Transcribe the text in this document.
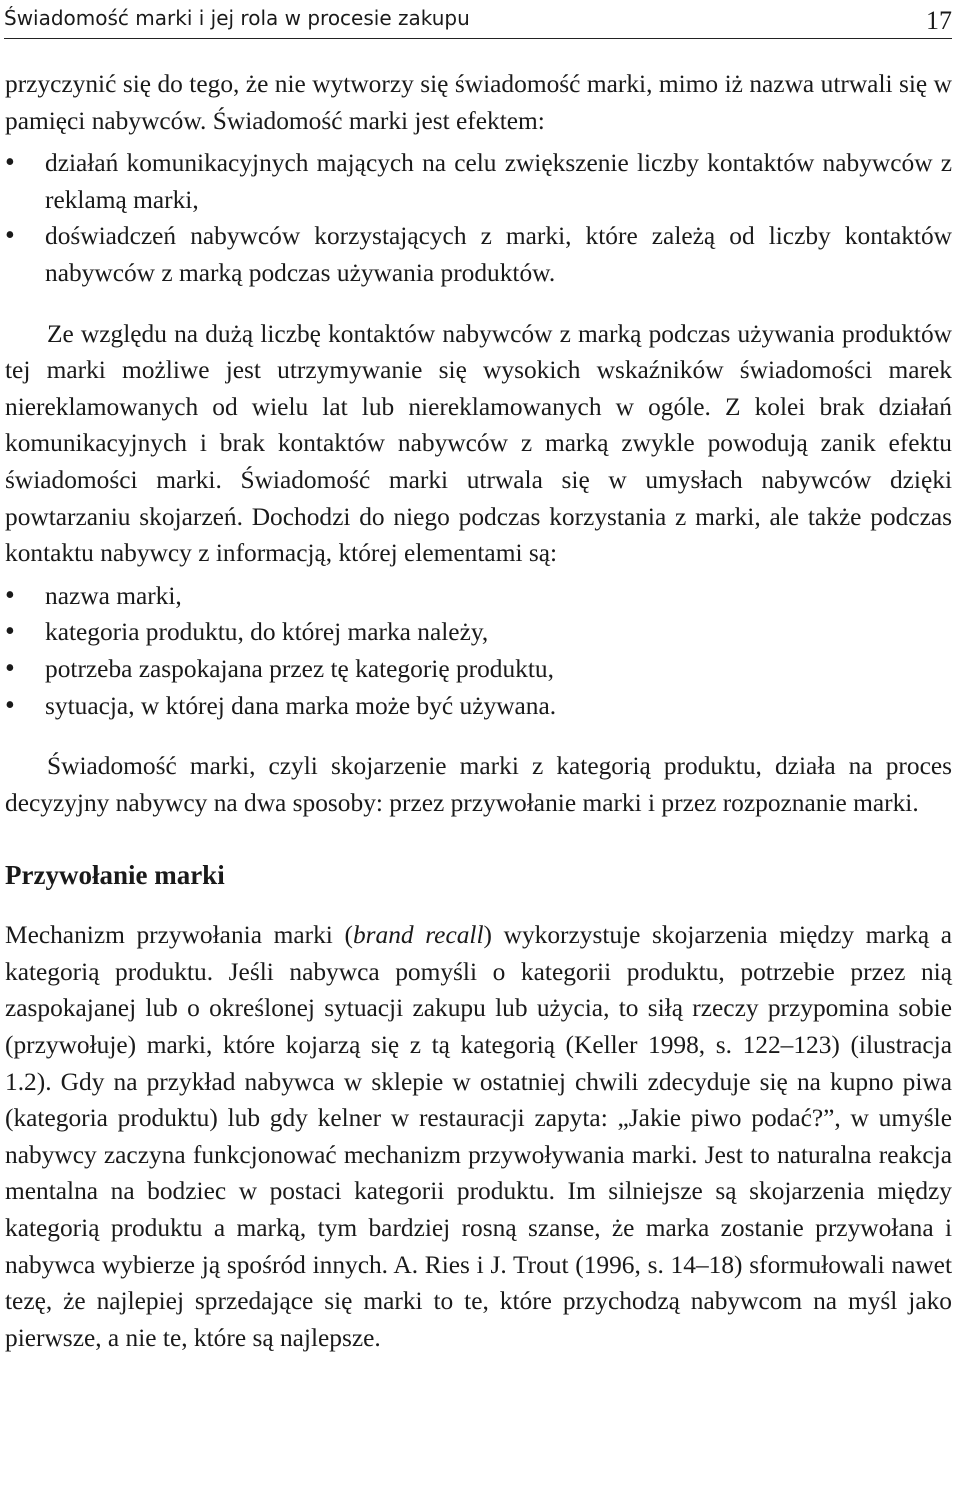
Świadomość marki i jej rola w procesie zakupu	17

przyczynić się do tego, że nie wytworzy się świadomość marki, mimo iż nazwa utrwali się w pamięci nabywców. Świadomość marki jest efektem:

• działań komunikacyjnych mających na celu zwiększenie liczby kontaktów nabywców z reklamą marki,
• doświadczeń nabywców korzystających z marki, które zależą od liczby kontaktów nabywców z marką podczas używania produktów.

Ze względu na dużą liczbę kontaktów nabywców z marką podczas używania produktów tej marki możliwe jest utrzymywanie się wysokich wskaźników świadomości marek niereklamowanych od wielu lat lub niereklamowanych w ogóle. Z kolei brak działań komunikacyjnych i brak kontaktów nabywców z marką zwykle powodują zanik efektu świadomości marki. Świadomość marki utrwala się w umysłach nabywców dzięki powtarzaniu skojarzeń. Dochodzi do niego podczas korzystania z marki, ale także podczas kontaktu nabywcy z informacją, której elementami są:

• nazwa marki,
• kategoria produktu, do której marka należy,
• potrzeba zaspokajana przez tę kategorię produktu,
• sytuacja, w której dana marka może być używana.

Świadomość marki, czyli skojarzenie marki z kategorią produktu, działa na proces decyzyjny nabywcy na dwa sposoby: przez przywołanie marki i przez rozpoznanie marki.

Przywołanie marki

Mechanizm przywołania marki (brand recall) wykorzystuje skojarzenia między marką a kategorią produktu. Jeśli nabywca pomyśli o kategorii produktu, potrzebie przez nią zaspokajanej lub o określonej sytuacji zakupu lub użycia, to siłą rzeczy przypomina sobie (przywołuje) marki, które kojarzą się z tą kategorią (Keller 1998, s. 122–123) (ilustracja 1.2). Gdy na przykład nabywca w sklepie w ostatniej chwili zdecyduje się na kupno piwa (kategoria produktu) lub gdy kelner w restauracji zapyta: „Jakie piwo podać?”, w umyśle nabywcy zaczyna funkcjonować mechanizm przywoływania marki. Jest to naturalna reakcja mentalna na bodziec w postaci kategorii produktu. Im silniejsze są skojarzenia między kategorią produktu a marką, tym bardziej rosną szanse, że marka zostanie przywołana i nabywca wybierze ją spośród innych. A. Ries i J. Trout (1996, s. 14–18) sformułowali nawet tezę, że najlepiej sprzedające się marki to te, które przychodzą nabywcom na myśl jako pierwsze, a nie te, które są najlepsze.
